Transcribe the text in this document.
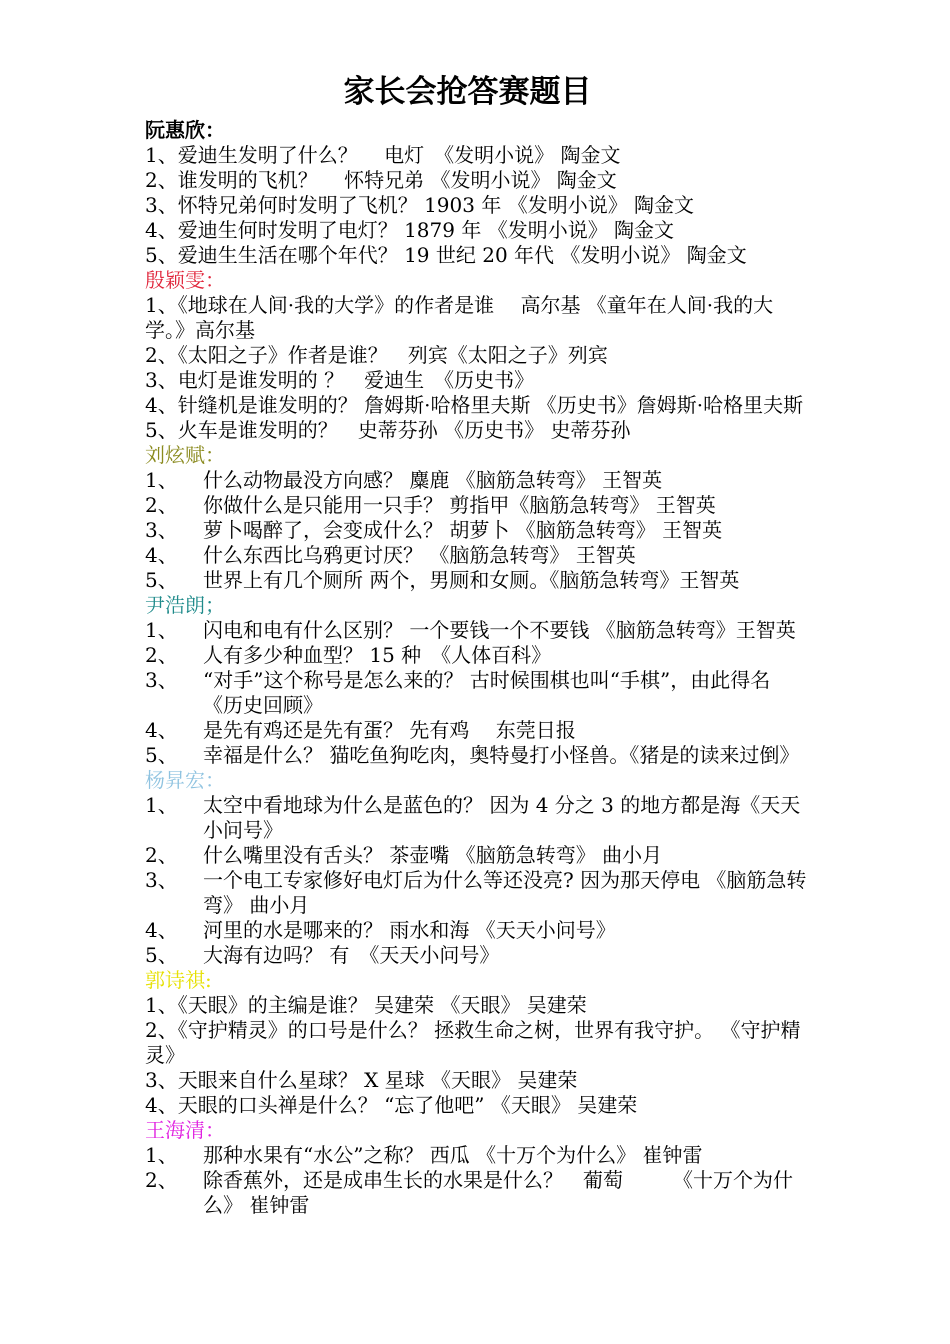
家长会抢答赛题目
阮惠欣：
1、爱迪生发明了什么？　 电灯　《发明小说》 陶金文
2、谁发明的飞机？　 怀特兄弟 《发明小说》 陶金文
3、怀特兄弟何时发明了飞机？ 1903 年 《发明小说》 陶金文
4、爱迪生何时发明了电灯？ 1879 年 《发明小说》 陶金文
5、爱迪生生活在哪个年代？ 19 世纪 20 年代 《发明小说》 陶金文
殷颖雯：
1、《地球在人间·我的大学》的作者是谁　 高尔基 《童年在人间·我的大学。》高尔基
2、《太阳之子》作者是谁？　列宾《太阳之子》列宾
3、电灯是谁发明的 ？　爱迪生　《历史书》
4、针缝机是谁发明的？ 詹姆斯·哈格里夫斯 《历史书》詹姆斯·哈格里夫斯
5、火车是谁发明的？　史蒂芬孙 《历史书》 史蒂芬孙
刘炫赋：
1、	什么动物最没方向感？ 麋鹿 《脑筋急转弯》 王智英
2、	你做什么是只能用一只手？ 剪指甲《脑筋急转弯》 王智英
3、	萝卜喝醉了，会变成什么？ 胡萝卜 《脑筋急转弯》 王智英
4、	什么东西比乌鸦更讨厌？ 《脑筋急转弯》 王智英
5、	世界上有几个厕所 两个，男厕和女厕。《脑筋急转弯》王智英
尹浩朗；
1、	闪电和电有什么区别？ 一个要钱一个不要钱 《脑筋急转弯》王智英
2、	人有多少种血型？ 15 种　《人体百科》
3、	“对手”这个称号是怎么来的？ 古时候围棋也叫“手棋”，由此得名　《历史回顾》
4、	是先有鸡还是先有蛋？ 先有鸡　 东莞日报
5、	幸福是什么？ 猫吃鱼狗吃肉，奥特曼打小怪兽。《猪是的读来过倒》
杨昇宏：
1、	太空中看地球为什么是蓝色的？ 因为 4 分之 3 的地方都是海《天天小问号》
2、	什么嘴里没有舌头？ 茶壶嘴 《脑筋急转弯》 曲小月
3、	一个电工专家修好电灯后为什么等还没亮? 因为那天停电 《脑筋急转弯》 曲小月
4、	河里的水是哪来的？ 雨水和海 《天天小问号》
5、	大海有边吗？ 有　《天天小问号》
郭诗祺:
1、《天眼》的主编是谁？ 吴建荣 《天眼》 吴建荣
2、《守护精灵》的口号是什么？ 拯救生命之树，世界有我守护。 《守护精灵》
3、天眼来自什么星球？ X 星球 《天眼》 吴建荣
4、天眼的口头禅是什么？ “忘了他吧” 《天眼》 吴建荣
王海清：
1、	那种水果有“水公”之称？ 西瓜 《十万个为什么》 崔钟雷
2、	除香蕉外，还是成串生长的水果是什么？　葡萄　　　《十万个为什么》 崔钟雷
